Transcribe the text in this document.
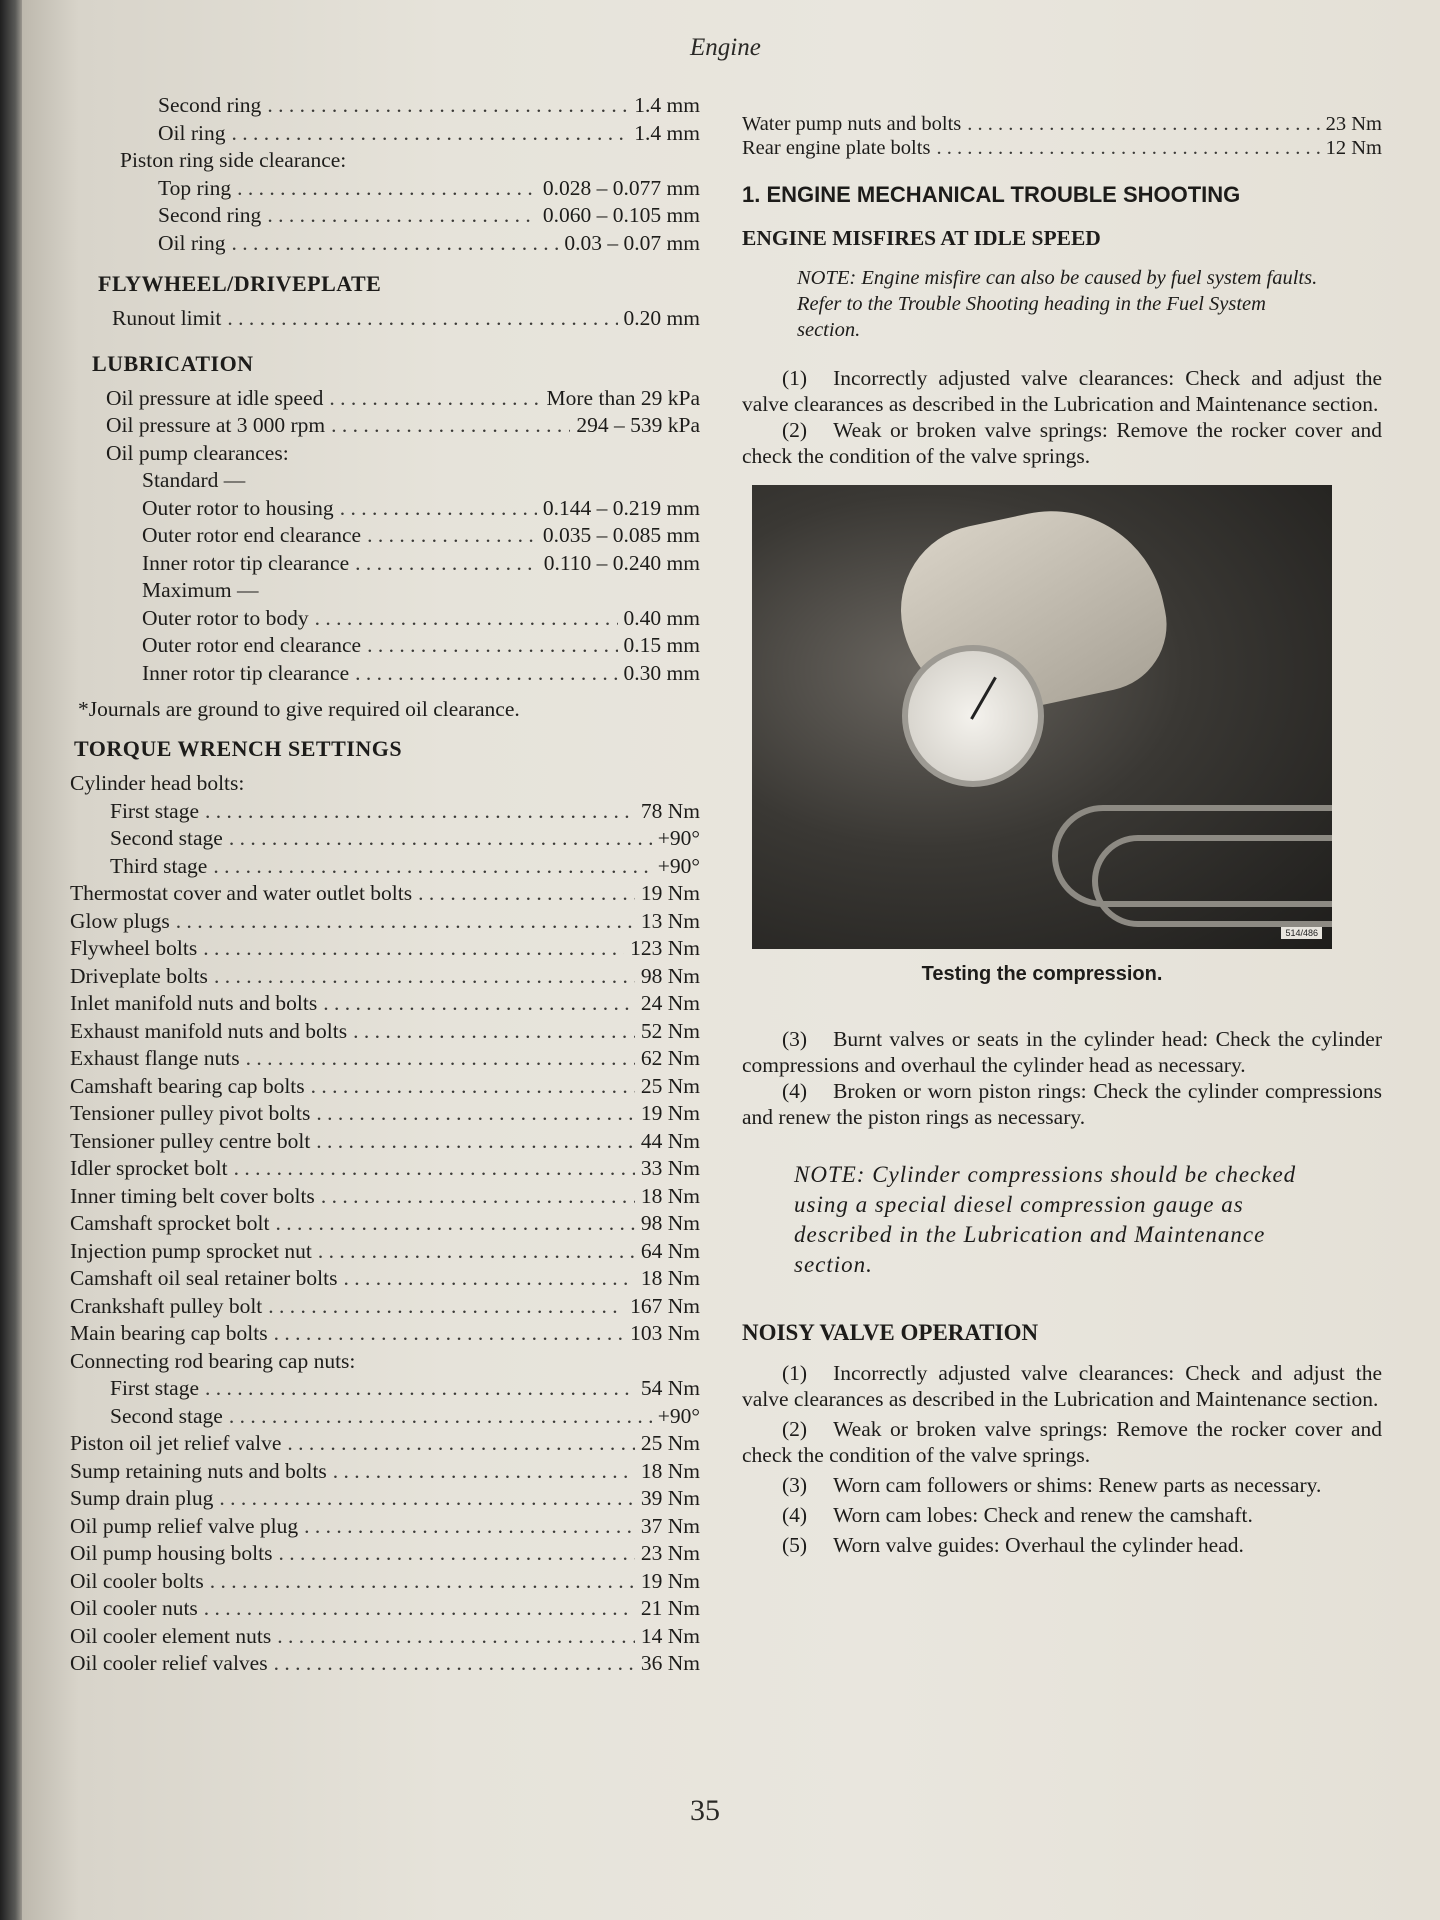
Engine
Second ring . . .	1.4 mm
Oil ring . . .	1.4 mm
Piston ring side clearance:
Top ring . . .	0.028 – 0.077 mm
Second ring . . .	0.060 – 0.105 mm
Oil ring . . .	0.03 – 0.07 mm
FLYWHEEL/DRIVEPLATE
Runout limit . . .	0.20 mm
LUBRICATION
Oil pressure at idle speed . . .	More than 29 kPa
Oil pressure at 3 000 rpm . . .	294 – 539 kPa
Oil pump clearances:
Standard —
Outer rotor to housing . . .	0.144 – 0.219 mm
Outer rotor end clearance . . .	0.035 – 0.085 mm
Inner rotor tip clearance . . .	0.110 – 0.240 mm
Maximum —
Outer rotor to body . . .	0.40 mm
Outer rotor end clearance . . .	0.15 mm
Inner rotor tip clearance . . .	0.30 mm
*Journals are ground to give required oil clearance.
TORQUE WRENCH SETTINGS
Cylinder head bolts:
First stage . . .	78 Nm
Second stage . . .	+90°
Third stage . . .	+90°
Thermostat cover and water outlet bolts . . .	19 Nm
Glow plugs . . .	13 Nm
Flywheel bolts . . .	123 Nm
Driveplate bolts . . .	98 Nm
Inlet manifold nuts and bolts . . .	24 Nm
Exhaust manifold nuts and bolts . . .	52 Nm
Exhaust flange nuts . . .	62 Nm
Camshaft bearing cap bolts . . .	25 Nm
Tensioner pulley pivot bolts . . .	19 Nm
Tensioner pulley centre bolt . . .	44 Nm
Idler sprocket bolt . . .	33 Nm
Inner timing belt cover bolts . . .	18 Nm
Camshaft sprocket bolt . . .	98 Nm
Injection pump sprocket nut . . .	64 Nm
Camshaft oil seal retainer bolts . . .	18 Nm
Crankshaft pulley bolt . . .	167 Nm
Main bearing cap bolts . . .	103 Nm
Connecting rod bearing cap nuts:
First stage . . .	54 Nm
Second stage . . .	+90°
Piston oil jet relief valve . . .	25 Nm
Sump retaining nuts and bolts . . .	18 Nm
Sump drain plug . . .	39 Nm
Oil pump relief valve plug . . .	37 Nm
Oil pump housing bolts . . .	23 Nm
Oil cooler bolts . . .	19 Nm
Oil cooler nuts . . .	21 Nm
Oil cooler element nuts . . .	14 Nm
Oil cooler relief valves . . .	36 Nm
Water pump nuts and bolts . . .	23 Nm
Rear engine plate bolts . . .	12 Nm
1. ENGINE MECHANICAL TROUBLE SHOOTING
ENGINE MISFIRES AT IDLE SPEED
NOTE: Engine misfire can also be caused by fuel system faults. Refer to the Trouble Shooting heading in the Fuel System section.

(1) Incorrectly adjusted valve clearances: Check and adjust the valve clearances as described in the Lubrication and Maintenance section.

(2) Weak or broken valve springs: Remove the rocker cover and check the condition of the valve springs.

514/486
Testing the compression.

(3) Burnt valves or seats in the cylinder head: Check the cylinder compressions and overhaul the cylinder head as necessary.

(4) Broken or worn piston rings: Check the cylinder compressions and renew the piston rings as necessary.

NOTE: Cylinder compressions should be checked using a special diesel compression gauge as described in the Lubrication and Maintenance section.
NOISY VALVE OPERATION

(1) Incorrectly adjusted valve clearances: Check and adjust the valve clearances as described in the Lubrication and Maintenance section.

(2) Weak or broken valve springs: Remove the rocker cover and check the condition of the valve springs.

(3) Worn cam followers or shims: Renew parts as necessary.

(4) Worn cam lobes: Check and renew the camshaft.

(5) Worn valve guides: Overhaul the cylinder head.

35
